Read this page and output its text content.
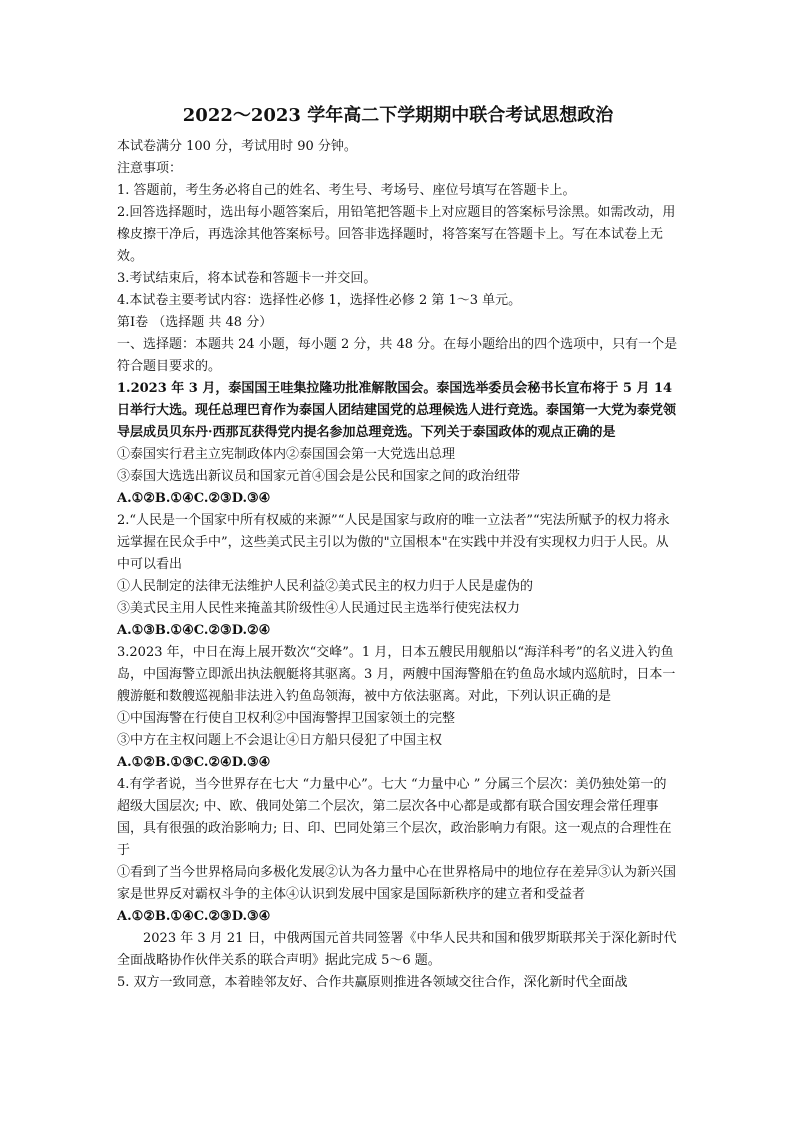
2022～2023 学年高二下学期期中联合考试思想政治

本试卷满分 100 分，考试用时 90 分钟。

注意事项：

1. 答题前，考生务必将自己的姓名、考生号、考场号、座位号填写在答题卡上。

2.回答选择题时，选出每小题答案后，用铅笔把答题卡上对应题目的答案标号涂黑。如需改动，用橡皮擦干净后，再选涂其他答案标号。回答非选择题时，将答案写在答题卡上。写在本试卷上无效。

3.考试结束后，将本试卷和答题卡一并交回。

4.本试卷主要考试内容：选择性必修 1，选择性必修 2 第 1～3 单元。

第Ⅰ卷 （选择题 共 48 分）

一、选择题：本题共 24 小题，每小题 2 分，共 48 分。在每小题给出的四个选项中，只有一个是符合题目要求的。

1.2023 年 3 月，泰国国王哇集拉隆功批准解散国会。泰国选举委员会秘书长宣布将于 5 月 14 日举行大选。现任总理巴育作为泰国人团结建国党的总理候选人进行竞选。泰国第一大党为泰党领导层成员贝东丹·西那瓦获得党内提名参加总理竞选。下列关于泰国政体的观点正确的是

①泰国实行君主立宪制政体内②泰国国会第一大党选出总理

③泰国大选选出新议员和国家元首④国会是公民和国家之间的政治纽带

A.①②B.①④C.②③D.③④

2.“人民是一个国家中所有权威的来源”“人民是国家与政府的唯一立法者”“宪法所赋予的权力将永远掌握在民众手中”，这些美式民主引以为傲的"立国根本"在实践中并没有实现权力归于人民。从中可以看出

①人民制定的法律无法维护人民利益②美式民主的权力归于人民是虚伪的

③美式民主用人民性来掩盖其阶级性④人民通过民主选举行使宪法权力

A.①③B.①④C.②③D.②④

3.2023 年，中日在海上展开数次“交峰”。1 月，日本五艘民用舰船以“海洋科考”的名义进入钓鱼岛，中国海警立即派出执法舰艇将其驱离。3 月，两艘中国海警船在钓鱼岛水域内巡航时，日本一艘游艇和数艘巡视船非法进入钓鱼岛领海，被中方依法驱离。对此，下列认识正确的是

①中国海警在行使自卫权利②中国海警捍卫国家领土的完整

③中方在主权问题上不会退让④日方船只侵犯了中国主权

A.①②B.①③C.②④D.③④

4.有学者说，当今世界存在七大 “力量中心”。七大 “力量中心 ” 分属三个层次：美仍独处第一的超级大国层次; 中、欧、俄同处第二个层次，第二层次各中心都是或都有联合国安理会常任理事国，具有很强的政治影响力; 日、印、巴同处第三个层次，政治影响力有限。这一观点的合理性在于

①看到了当今世界格局向多极化发展②认为各力量中心在世界格局中的地位存在差异③认为新兴国家是世界反对霸权斗争的主体④认识到发展中国家是国际新秩序的建立者和受益者

A.①②B.①④C.②③D.③④

2023 年 3 月 21 日，中俄两国元首共同签署《中华人民共和国和俄罗斯联邦关于深化新时代全面战略协作伙伴关系的联合声明》据此完成 5～6 题。

5. 双方一致同意，本着睦邻友好、合作共赢原则推进各领域交往合作，深化新时代全面战
